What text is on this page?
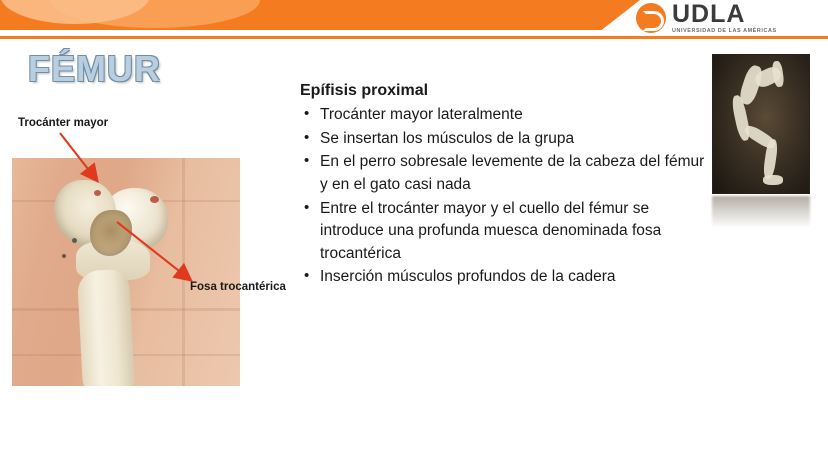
UDLA
UNIVERSIDAD DE LAS AMÉRICAS
FÉMUR
Trocánter mayor
Fosa trocantérica
Epífisis proximal
• Trocánter mayor lateralmente
• Se insertan los músculos de la grupa
• En el perro sobresale levemente de la cabeza del fémur y en el gato casi nada
• Entre el trocánter mayor y el cuello del fémur se introduce una profunda muesca denominada fosa trocantérica
• Inserción músculos profundos de la cadera
